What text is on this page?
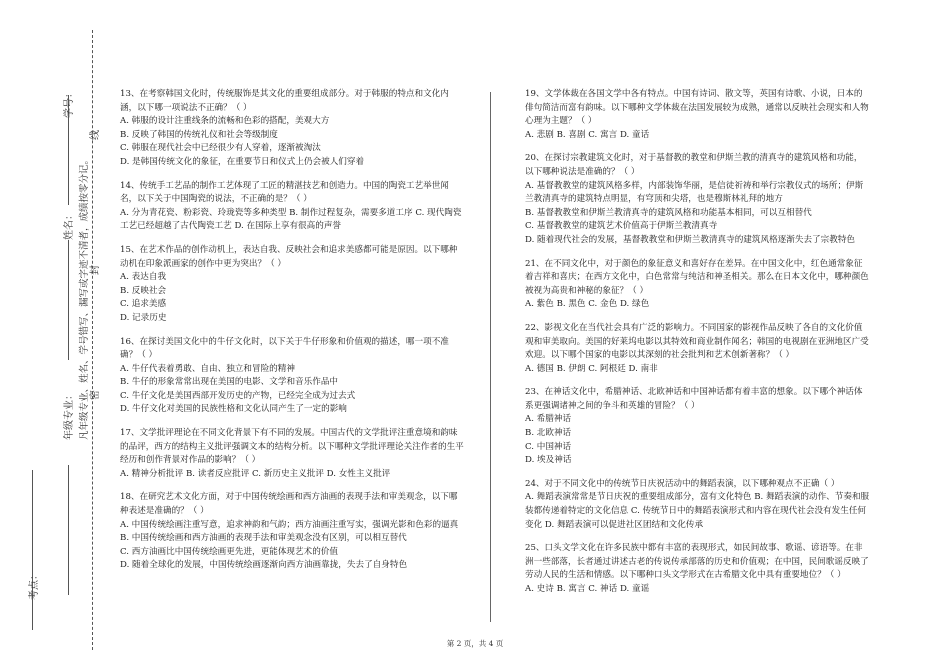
学号：
姓名：
年级专业：
考点：
凡年级专业、姓名、学号错写、漏写或字迹不清者，成绩按零分记。
线
封
密

13、在考察韩国文化时，传统服饰是其文化的重要组成部分。对于韩服的特点和文化内涵，以下哪一项说法不正确？（ ）

A. 韩服的设计注重线条的流畅和色彩的搭配，美观大方

B. 反映了韩国的传统礼仪和社会等级制度

C. 韩服在现代社会中已经很少有人穿着，逐渐被淘汰

D. 是韩国传统文化的象征，在重要节日和仪式上仍会被人们穿着

14、传统手工艺品的制作工艺体现了工匠的精湛技艺和创造力。中国的陶瓷工艺举世闻名，以下关于中国陶瓷的说法，不正确的是？（ ）

A. 分为青花瓷、粉彩瓷、玲珑瓷等多种类型 B. 制作过程复杂，需要多道工序 C. 现代陶瓷工艺已经超越了古代陶瓷工艺 D. 在国际上享有很高的声誉

15、在艺术作品的创作动机上，表达自我、反映社会和追求美感都可能是原因。以下哪种动机在印象派画家的创作中更为突出？（ ）

A. 表达自我

B. 反映社会

C. 追求美感

D. 记录历史

16、在探讨美国文化中的牛仔文化时，以下关于牛仔形象和价值观的描述，哪一项不准确？（ ）

A. 牛仔代表着勇敢、自由、独立和冒险的精神

B. 牛仔的形象常常出现在美国的电影、文学和音乐作品中

C. 牛仔文化是美国西部开发历史的产物，已经完全成为过去式

D. 牛仔文化对美国的民族性格和文化认同产生了一定的影响

17、文学批评理论在不同文化背景下有不同的发展。中国古代的文学批评注重意境和韵味的品评，西方的结构主义批评强调文本的结构分析。以下哪种文学批评理论关注作者的生平经历和创作背景对作品的影响？（ ）

A. 精神分析批评 B. 读者反应批评 C. 新历史主义批评 D. 女性主义批评

18、在研究艺术文化方面，对于中国传统绘画和西方油画的表现手法和审美观念，以下哪种表述是准确的？（ ）

A. 中国传统绘画注重写意，追求神韵和气韵；西方油画注重写实，强调光影和色彩的逼真

B. 中国传统绘画和西方油画的表现手法和审美观念没有区别，可以相互替代

C. 西方油画比中国传统绘画更先进，更能体现艺术的价值

D. 随着全球化的发展，中国传统绘画逐渐向西方油画靠拢，失去了自身特色

19、文学体裁在各国文学中各有特点。中国有诗词、散文等，英国有诗歌、小说，日本的俳句简洁而富有韵味。以下哪种文学体裁在法国发展较为成熟，通常以反映社会现实和人物心理为主题？（ ）

A. 悲剧 B. 喜剧 C. 寓言 D. 童话

20、在探讨宗教建筑文化时，对于基督教的教堂和伊斯兰教的清真寺的建筑风格和功能，以下哪种说法是准确的？（ ）

A. 基督教教堂的建筑风格多样，内部装饰华丽，是信徒祈祷和举行宗教仪式的场所；伊斯兰教清真寺的建筑特点明显，有穹顶和尖塔，也是穆斯林礼拜的地方

B. 基督教教堂和伊斯兰教清真寺的建筑风格和功能基本相同，可以互相替代

C. 基督教教堂的建筑艺术价值高于伊斯兰教清真寺

D. 随着现代社会的发展，基督教教堂和伊斯兰教清真寺的建筑风格逐渐失去了宗教特色

21、在不同文化中，对于颜色的象征意义和喜好存在差异。在中国文化中，红色通常象征着吉祥和喜庆；在西方文化中，白色常常与纯洁和神圣相关。那么在日本文化中，哪种颜色被视为高贵和神秘的象征？（ ）

A. 紫色 B. 黑色 C. 金色 D. 绿色

22、影视文化在当代社会具有广泛的影响力。不同国家的影视作品反映了各自的文化价值观和审美取向。美国的好莱坞电影以其特效和商业制作闻名；韩国的电视剧在亚洲地区广受欢迎。以下哪个国家的电影以其深刻的社会批判和艺术创新著称？（ ）

A. 德国 B. 伊朗 C. 阿根廷 D. 南非

23、在神话文化中，希腊神话、北欧神话和中国神话都有着丰富的想象。以下哪个神话体系更强调诸神之间的争斗和英雄的冒险？（ ）

A. 希腊神话

B. 北欧神话

C. 中国神话

D. 埃及神话

24、对于不同文化中的传统节日庆祝活动中的舞蹈表演，以下哪种观点不正确（ ）

A. 舞蹈表演常常是节日庆祝的重要组成部分，富有文化特色 B. 舞蹈表演的动作、节奏和服装都传递着特定的文化信息 C. 传统节日中的舞蹈表演形式和内容在现代社会没有发生任何变化 D. 舞蹈表演可以促进社区团结和文化传承

25、口头文学文化在许多民族中都有丰富的表现形式，如民间故事、歌谣、谚语等。在非洲一些部落，长者通过讲述古老的传说传承部落的历史和价值观；在中国，民间歌谣反映了劳动人民的生活和情感。以下哪种口头文学形式在古希腊文化中具有重要地位？（ ）

A. 史诗 B. 寓言 C. 神话 D. 童谣

第 2 页，共 4 页
